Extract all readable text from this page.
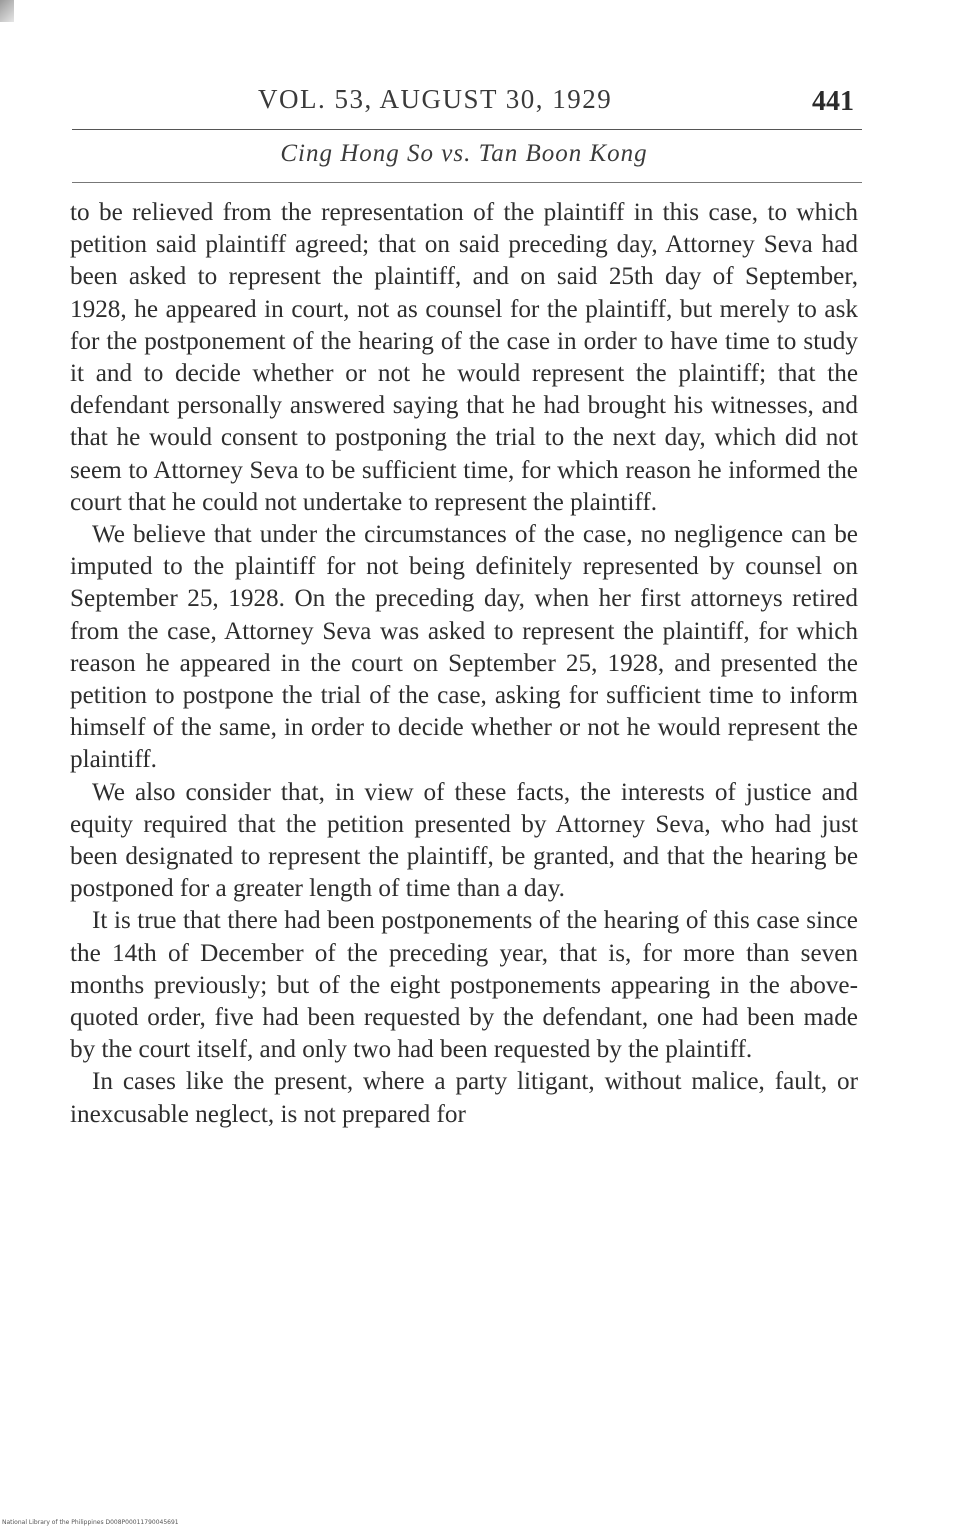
VOL. 53, AUGUST 30, 1929	441
Cing Hong So vs. Tan Boon Kong

to be relieved from the representation of the plaintiff in this case, to which petition said plaintiff agreed; that on said preceding day, Attorney Seva had been asked to represent the plaintiff, and on said 25th day of September, 1928, he appeared in court, not as counsel for the plaintiff, but merely to ask for the postponement of the hearing of the case in order to have time to study it and to decide whether or not he would represent the plaintiff; that the defendant personally answered saying that he had brought his witnesses, and that he would consent to postponing the trial to the next day, which did not seem to Attorney Seva to be sufficient time, for which reason he informed the court that he could not undertake to represent the plaintiff.

We believe that under the circumstances of the case, no negligence can be imputed to the plaintiff for not being definitely represented by counsel on September 25, 1928. On the preceding day, when her first attorneys retired from the case, Attorney Seva was asked to represent the plaintiff, for which reason he appeared in the court on September 25, 1928, and presented the petition to postpone the trial of the case, asking for sufficient time to inform himself of the same, in order to decide whether or not he would represent the plaintiff.

We also consider that, in view of these facts, the interests of justice and equity required that the petition presented by Attorney Seva, who had just been designated to represent the plaintiff, be granted, and that the hearing be postponed for a greater length of time than a day.

It is true that there had been postponements of the hearing of this case since the 14th of December of the preceding year, that is, for more than seven months previously; but of the eight postponements appearing in the above-quoted order, five had been requested by the defendant, one had been made by the court itself, and only two had been requested by the plaintiff.

In cases like the present, where a party litigant, without malice, fault, or inexcusable neglect, is not prepared for

National Library of the Philippines D008P00011790045691
